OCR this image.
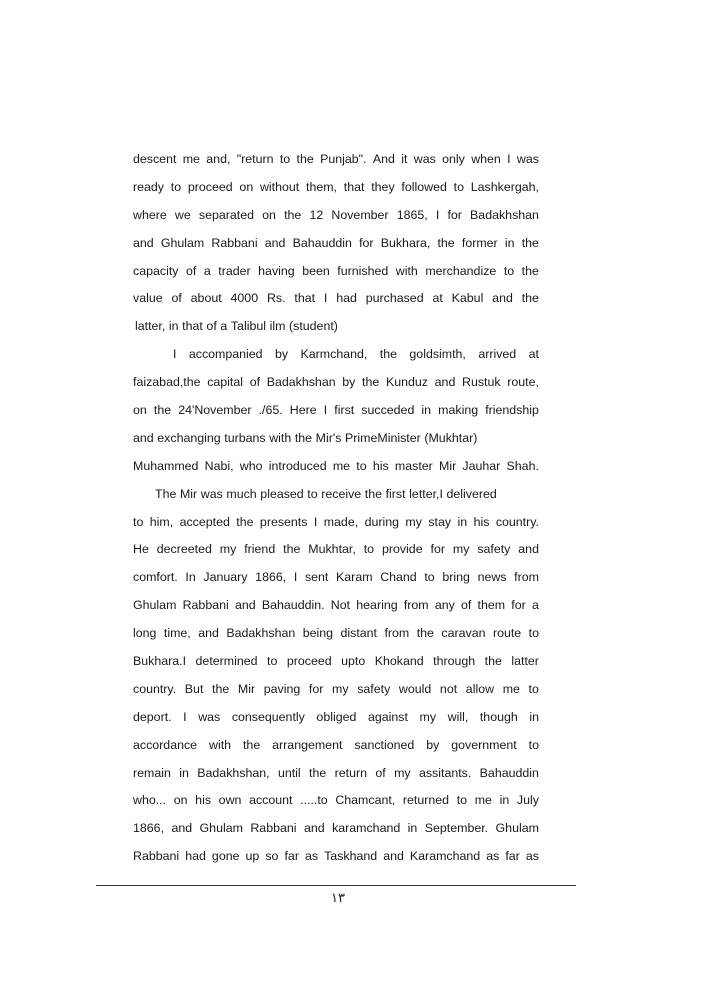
descent me and, "return to the Punjab". And it was only when I was
ready to proceed on without them, that they followed to Lashkergah,
where we separated on the 12 November 1865, I for Badakhshan
and Ghulam Rabbani and Bahauddin for Bukhara, the former in the
capacity of a trader having been furnished with merchandize to the
value of about 4000 Rs. that I had purchased at Kabul and the
latter, in that of a Talibul ilm (student)
I accompanied by Karmchand, the goldsimth, arrived at
faizabad,the capital of Badakhshan by the Kunduz and Rustuk route,
on the 24'November ./65. Here I first succeded in making friendship
and exchanging turbans with the Mir's PrimeMinister (Mukhtar)
Muhammed Nabi, who introduced me to his master Mir Jauhar Shah.
The Mir was much pleased to receive the first letter,I delivered
to him, accepted the presents I made, during my stay in his country.
He decreeted my friend the Mukhtar, to provide for my safety and
comfort. In January 1866, I sent Karam Chand to bring news from
Ghulam Rabbani and Bahauddin. Not hearing from any of them for a
long time, and Badakhshan being distant from the caravan route to
Bukhara.I determined to proceed upto Khokand through the latter
country. But the Mir paving for my safety would not allow me to
deport. I was consequently obliged against my will, though in
accordance with the arrangement sanctioned by government to
remain in Badakhshan, until the return of my assitants. Bahauddin
who... on his own account .....to Chamcant, returned to me in July
1866, and Ghulam Rabbani and karamchand in September. Ghulam
Rabbani had gone up so far as Taskhand and Karamchand as far as
١٣
